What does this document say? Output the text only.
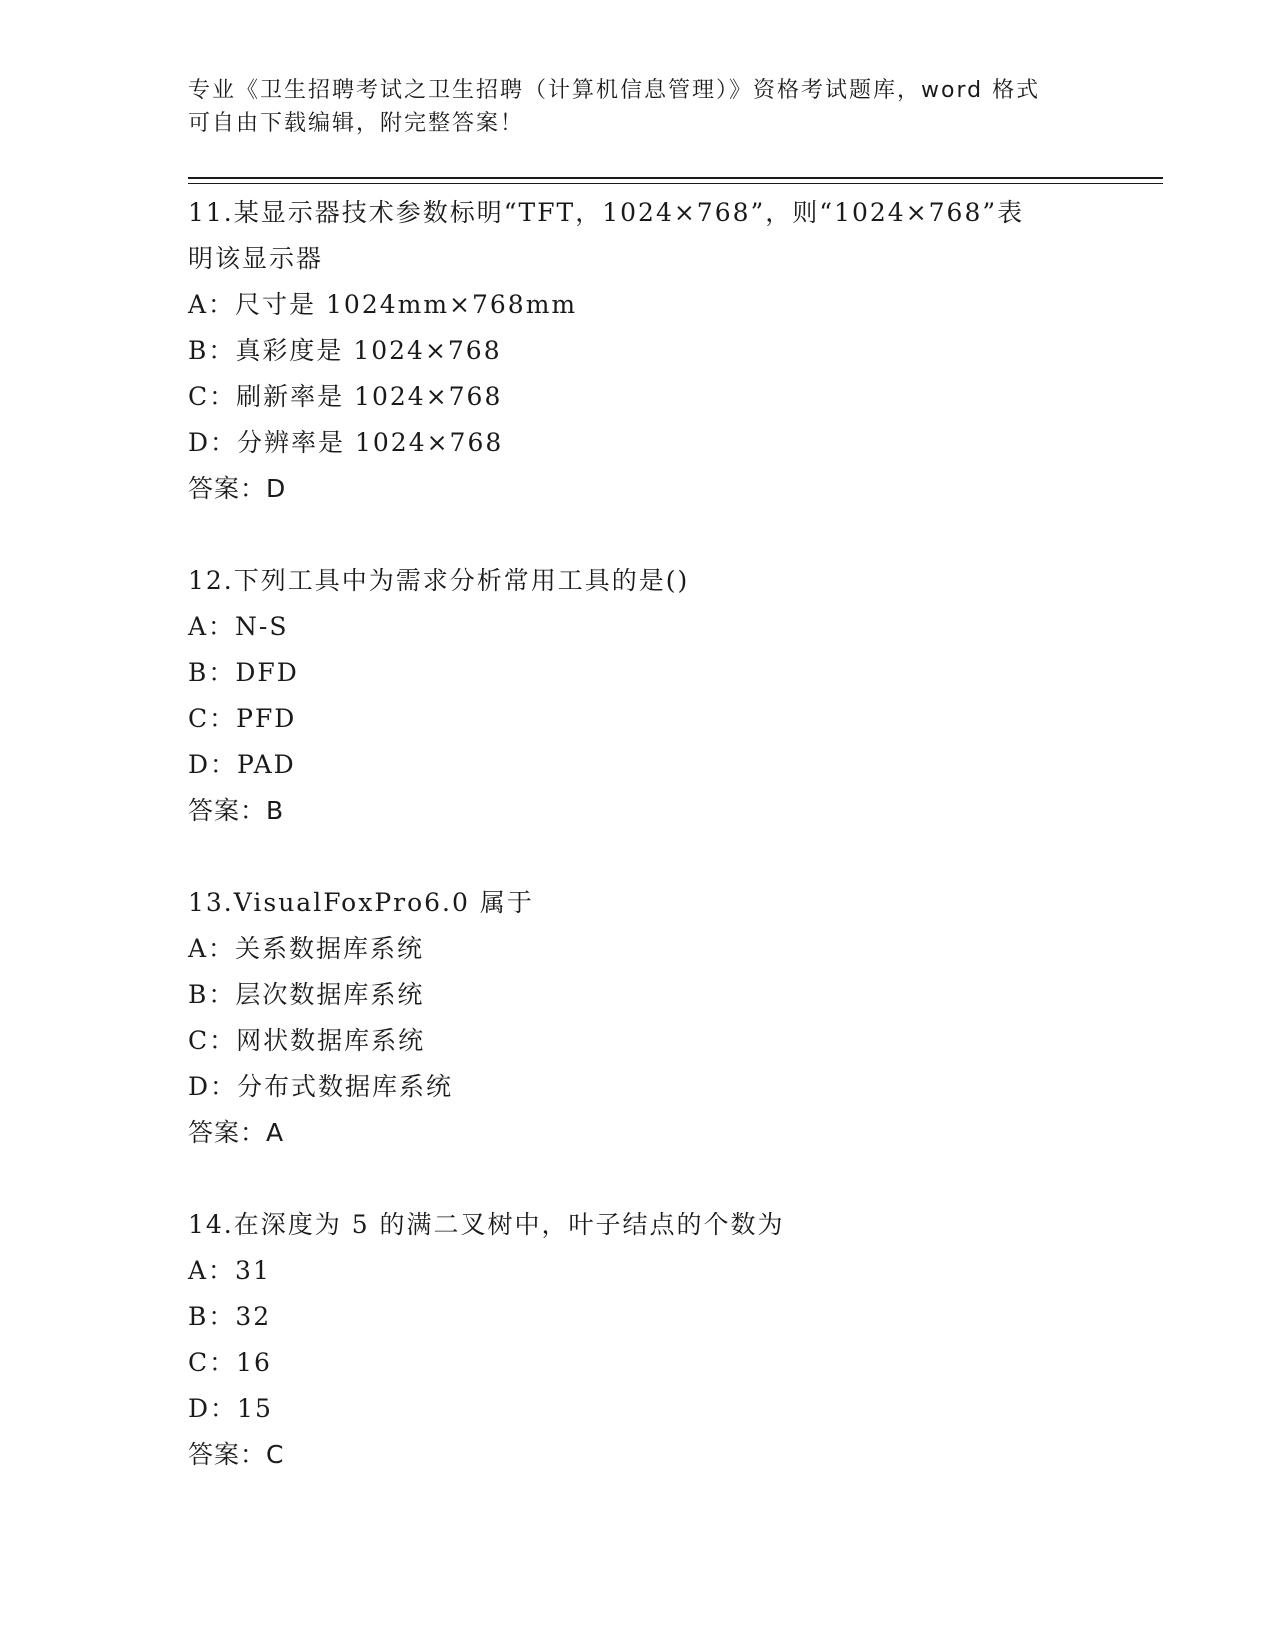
专业《卫生招聘考试之卫生招聘（计算机信息管理）》资格考试题库，word 格式
可自由下载编辑，附完整答案！
11.某显示器技术参数标明“TFT，1024×768”，则“1024×768”表
明该显示器
A：尺寸是 1024mm×768mm
B：真彩度是 1024×768
C：刷新率是 1024×768
D：分辨率是 1024×768
答案：D
12.下列工具中为需求分析常用工具的是()
A：N-S
B：DFD
C：PFD
D：PAD
答案：B
13.VisualFoxPro6.0 属于
A：关系数据库系统
B：层次数据库系统
C：网状数据库系统
D：分布式数据库系统
答案：A
14.在深度为 5 的满二叉树中，叶子结点的个数为
A：31
B：32
C：16
D：15
答案：C
